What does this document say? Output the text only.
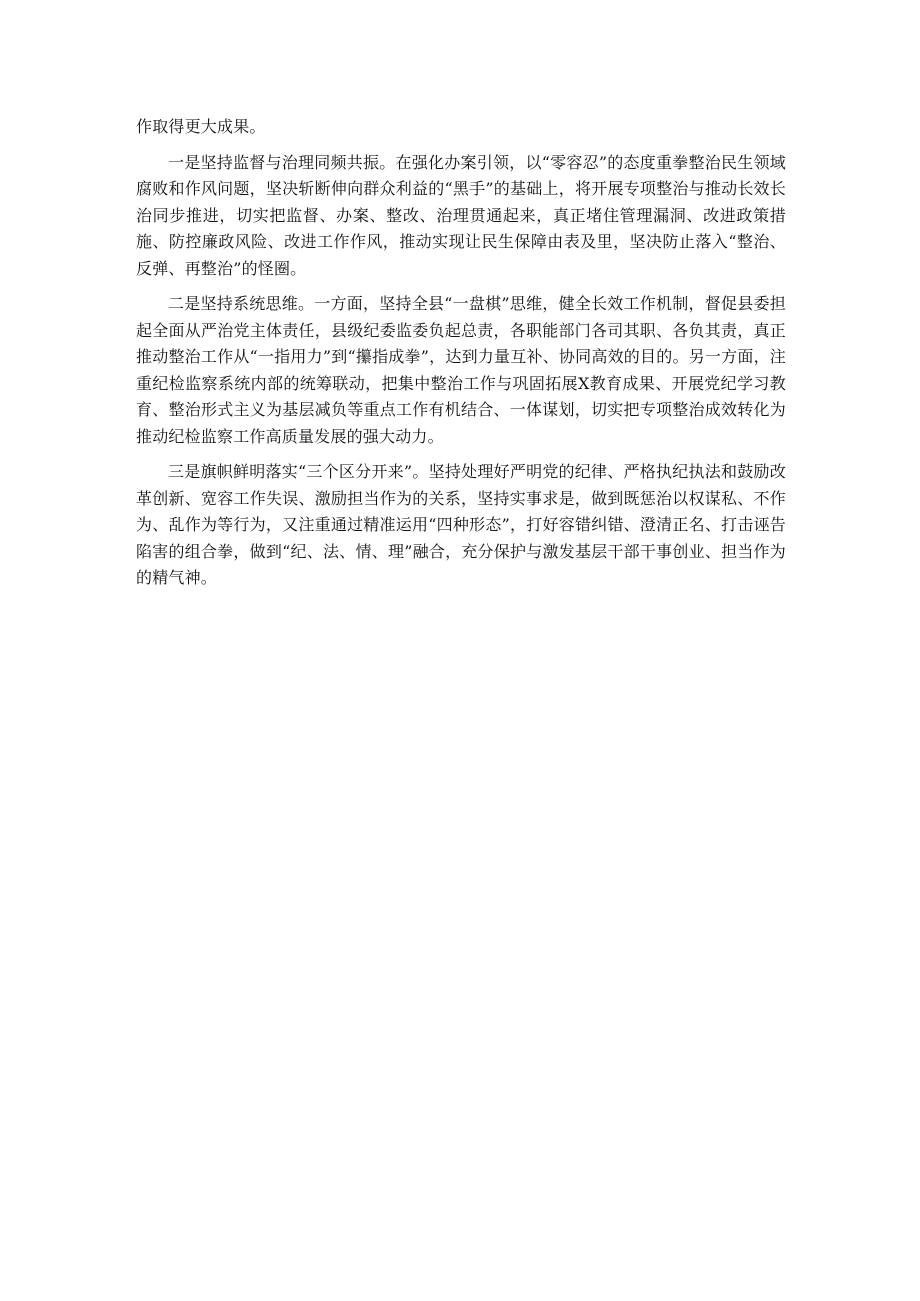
作取得更大成果。

一是坚持监督与治理同频共振。在强化办案引领，以“零容忍”的态度重拳整治民生领域腐败和作风问题，坚决斩断伸向群众利益的“黑手”的基础上，将开展专项整治与推动长效长治同步推进，切实把监督、办案、整改、治理贯通起来，真正堵住管理漏洞、改进政策措施、防控廉政风险、改进工作作风，推动实现让民生保障由表及里，坚决防止落入“整治、反弹、再整治”的怪圈。

二是坚持系统思维。一方面，坚持全县“一盘棋”思维，健全长效工作机制，督促县委担起全面从严治党主体责任，县级纪委监委负起总责，各职能部门各司其职、各负其责，真正推动整治工作从“一指用力”到“攥指成拳”，达到力量互补、协同高效的目的。另一方面，注重纪检监察系统内部的统筹联动，把集中整治工作与巩固拓展X教育成果、开展党纪学习教育、整治形式主义为基层减负等重点工作有机结合、一体谋划，切实把专项整治成效转化为推动纪检监察工作高质量发展的强大动力。

三是旗帜鲜明落实“三个区分开来”。坚持处理好严明党的纪律、严格执纪执法和鼓励改革创新、宽容工作失误、激励担当作为的关系，坚持实事求是，做到既惩治以权谋私、不作为、乱作为等行为，又注重通过精准运用“四种形态”，打好容错纠错、澄清正名、打击诬告陷害的组合拳，做到“纪、法、情、理”融合，充分保护与激发基层干部干事创业、担当作为的精气神。
